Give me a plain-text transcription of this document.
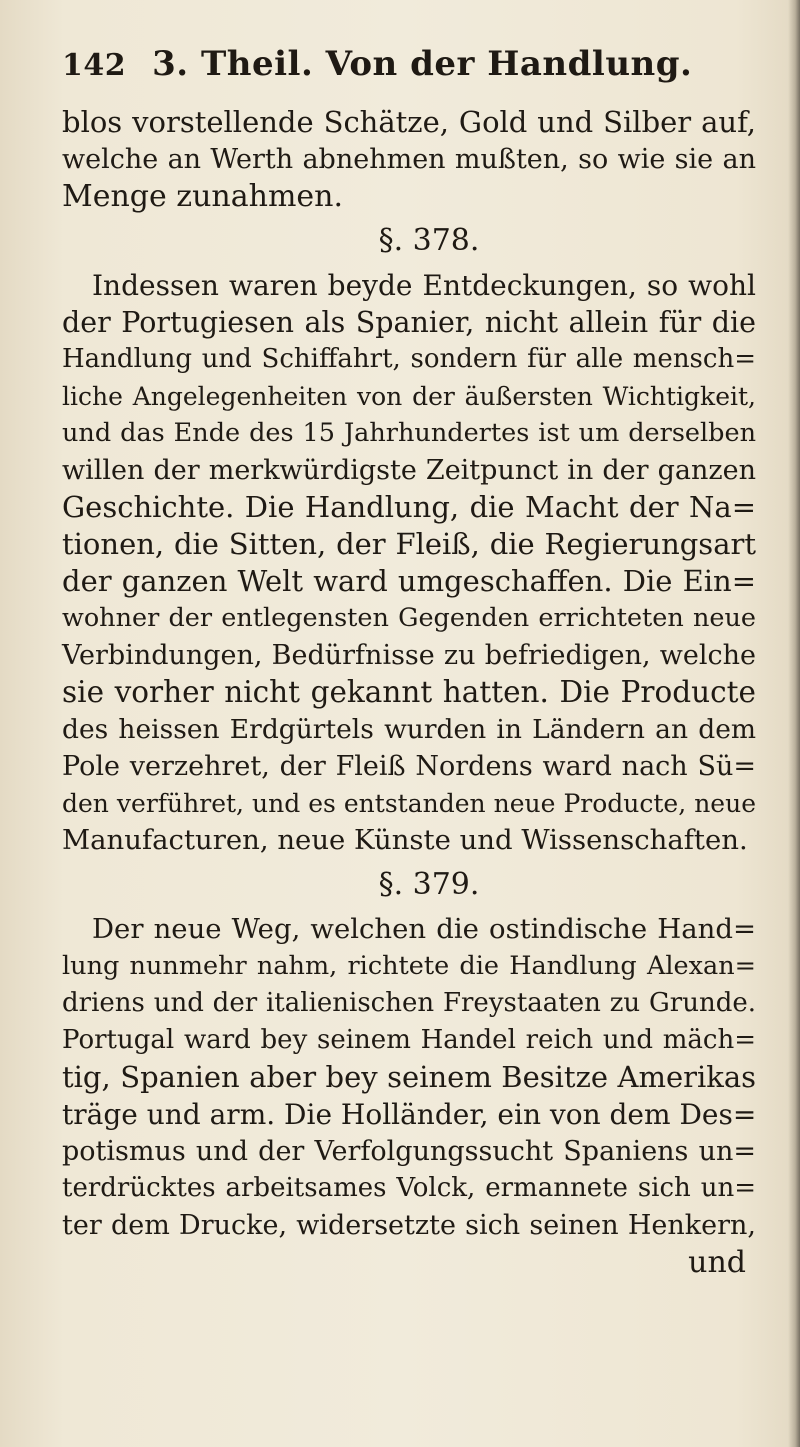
142 3. Theil. Von der Handlung.
blos vorstellende Schätze, Gold und Silber auf,
welche an Werth abnehmen mußten, so wie sie an
Menge zunahmen.
§. 378.
Indessen waren beyde Entdeckungen, so wohl
der Portugiesen als Spanier, nicht allein für die
Handlung und Schiffahrt, sondern für alle mensch=
liche Angelegenheiten von der äußersten Wichtigkeit,
und das Ende des 15 Jahrhundertes ist um derselben
willen der merkwürdigste Zeitpunct in der ganzen
Geschichte. Die Handlung, die Macht der Na=
tionen, die Sitten, der Fleiß, die Regierungsart
der ganzen Welt ward umgeschaffen. Die Ein=
wohner der entlegensten Gegenden errichteten neue
Verbindungen, Bedürfnisse zu befriedigen, welche
sie vorher nicht gekannt hatten. Die Producte
des heissen Erdgürtels wurden in Ländern an dem
Pole verzehret, der Fleiß Nordens ward nach Sü=
den verführet, und es entstanden neue Producte, neue
Manufacturen, neue Künste und Wissenschaften.
§. 379.
Der neue Weg, welchen die ostindische Hand=
lung nunmehr nahm, richtete die Handlung Alexan=
driens und der italienischen Freystaaten zu Grunde.
Portugal ward bey seinem Handel reich und mäch=
tig, Spanien aber bey seinem Besitze Amerikas
träge und arm. Die Holländer, ein von dem Des=
potismus und der Verfolgungssucht Spaniens un=
terdrücktes arbeitsames Volck, ermannete sich un=
ter dem Drucke, widersetzte sich seinen Henkern,
und
